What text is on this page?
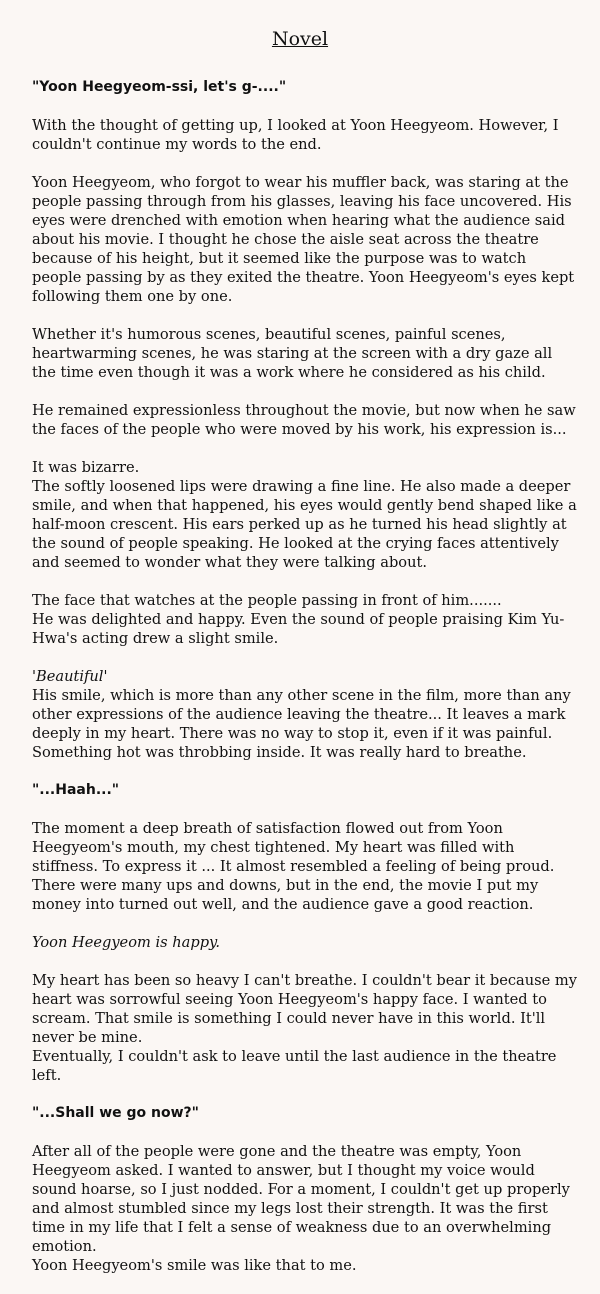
Novel

"Yoon Heegyeom-ssi, let's g-...."

With the thought of getting up, I looked at Yoon Heegyeom. However, I couldn't continue my words to the end.

Yoon Heegyeom, who forgot to wear his muffler back, was staring at the people passing through from his glasses, leaving his face uncovered. His eyes were drenched with emotion when hearing what the audience said about his movie. I thought he chose the aisle seat across the theatre because of his height, but it seemed like the purpose was to watch people passing by as they exited the theatre. Yoon Heegyeom's eyes kept following them one by one.

Whether it's humorous scenes, beautiful scenes, painful scenes, heartwarming scenes, he was staring at the screen with a dry gaze all the time even though it was a work where he considered as his child.

He remained expressionless throughout the movie, but now when he saw the faces of the people who were moved by his work, his expression is...

It was bizarre.
The softly loosened lips were drawing a fine line. He also made a deeper smile, and when that happened, his eyes would gently bend shaped like a half-moon crescent. His ears perked up as he turned his head slightly at the sound of people speaking. He looked at the crying faces attentively and seemed to wonder what they were talking about.

The face that watches at the people passing in front of him.......
He was delighted and happy. Even the sound of people praising Kim Yu-Hwa's acting drew a slight smile.

'Beautiful'
His smile, which is more than any other scene in the film, more than any other expressions of the audience leaving the theatre... It leaves a mark deeply in my heart. There was no way to stop it, even if it was painful. Something hot was throbbing inside. It was really hard to breathe.

"...Haah..."

The moment a deep breath of satisfaction flowed out from Yoon Heegyeom's mouth, my chest tightened. My heart was filled with stiffness. To express it ... It almost resembled a feeling of being proud. There were many ups and downs, but in the end, the movie I put my money into turned out well, and the audience gave a good reaction.

Yoon Heegyeom is happy.

My heart has been so heavy I can't breathe. I couldn't bear it because my heart was sorrowful seeing Yoon Heegyeom's happy face. I wanted to scream. That smile is something I could never have in this world. It'll never be mine.
Eventually, I couldn't ask to leave until the last audience in the theatre left.

"...Shall we go now?"

After all of the people were gone and the theatre was empty, Yoon Heegyeom asked. I wanted to answer, but I thought my voice would sound hoarse, so I just nodded. For a moment, I couldn't get up properly and almost stumbled since my legs lost their strength. It was the first time in my life that I felt a sense of weakness due to an overwhelming emotion.
Yoon Heegyeom's smile was like that to me.
